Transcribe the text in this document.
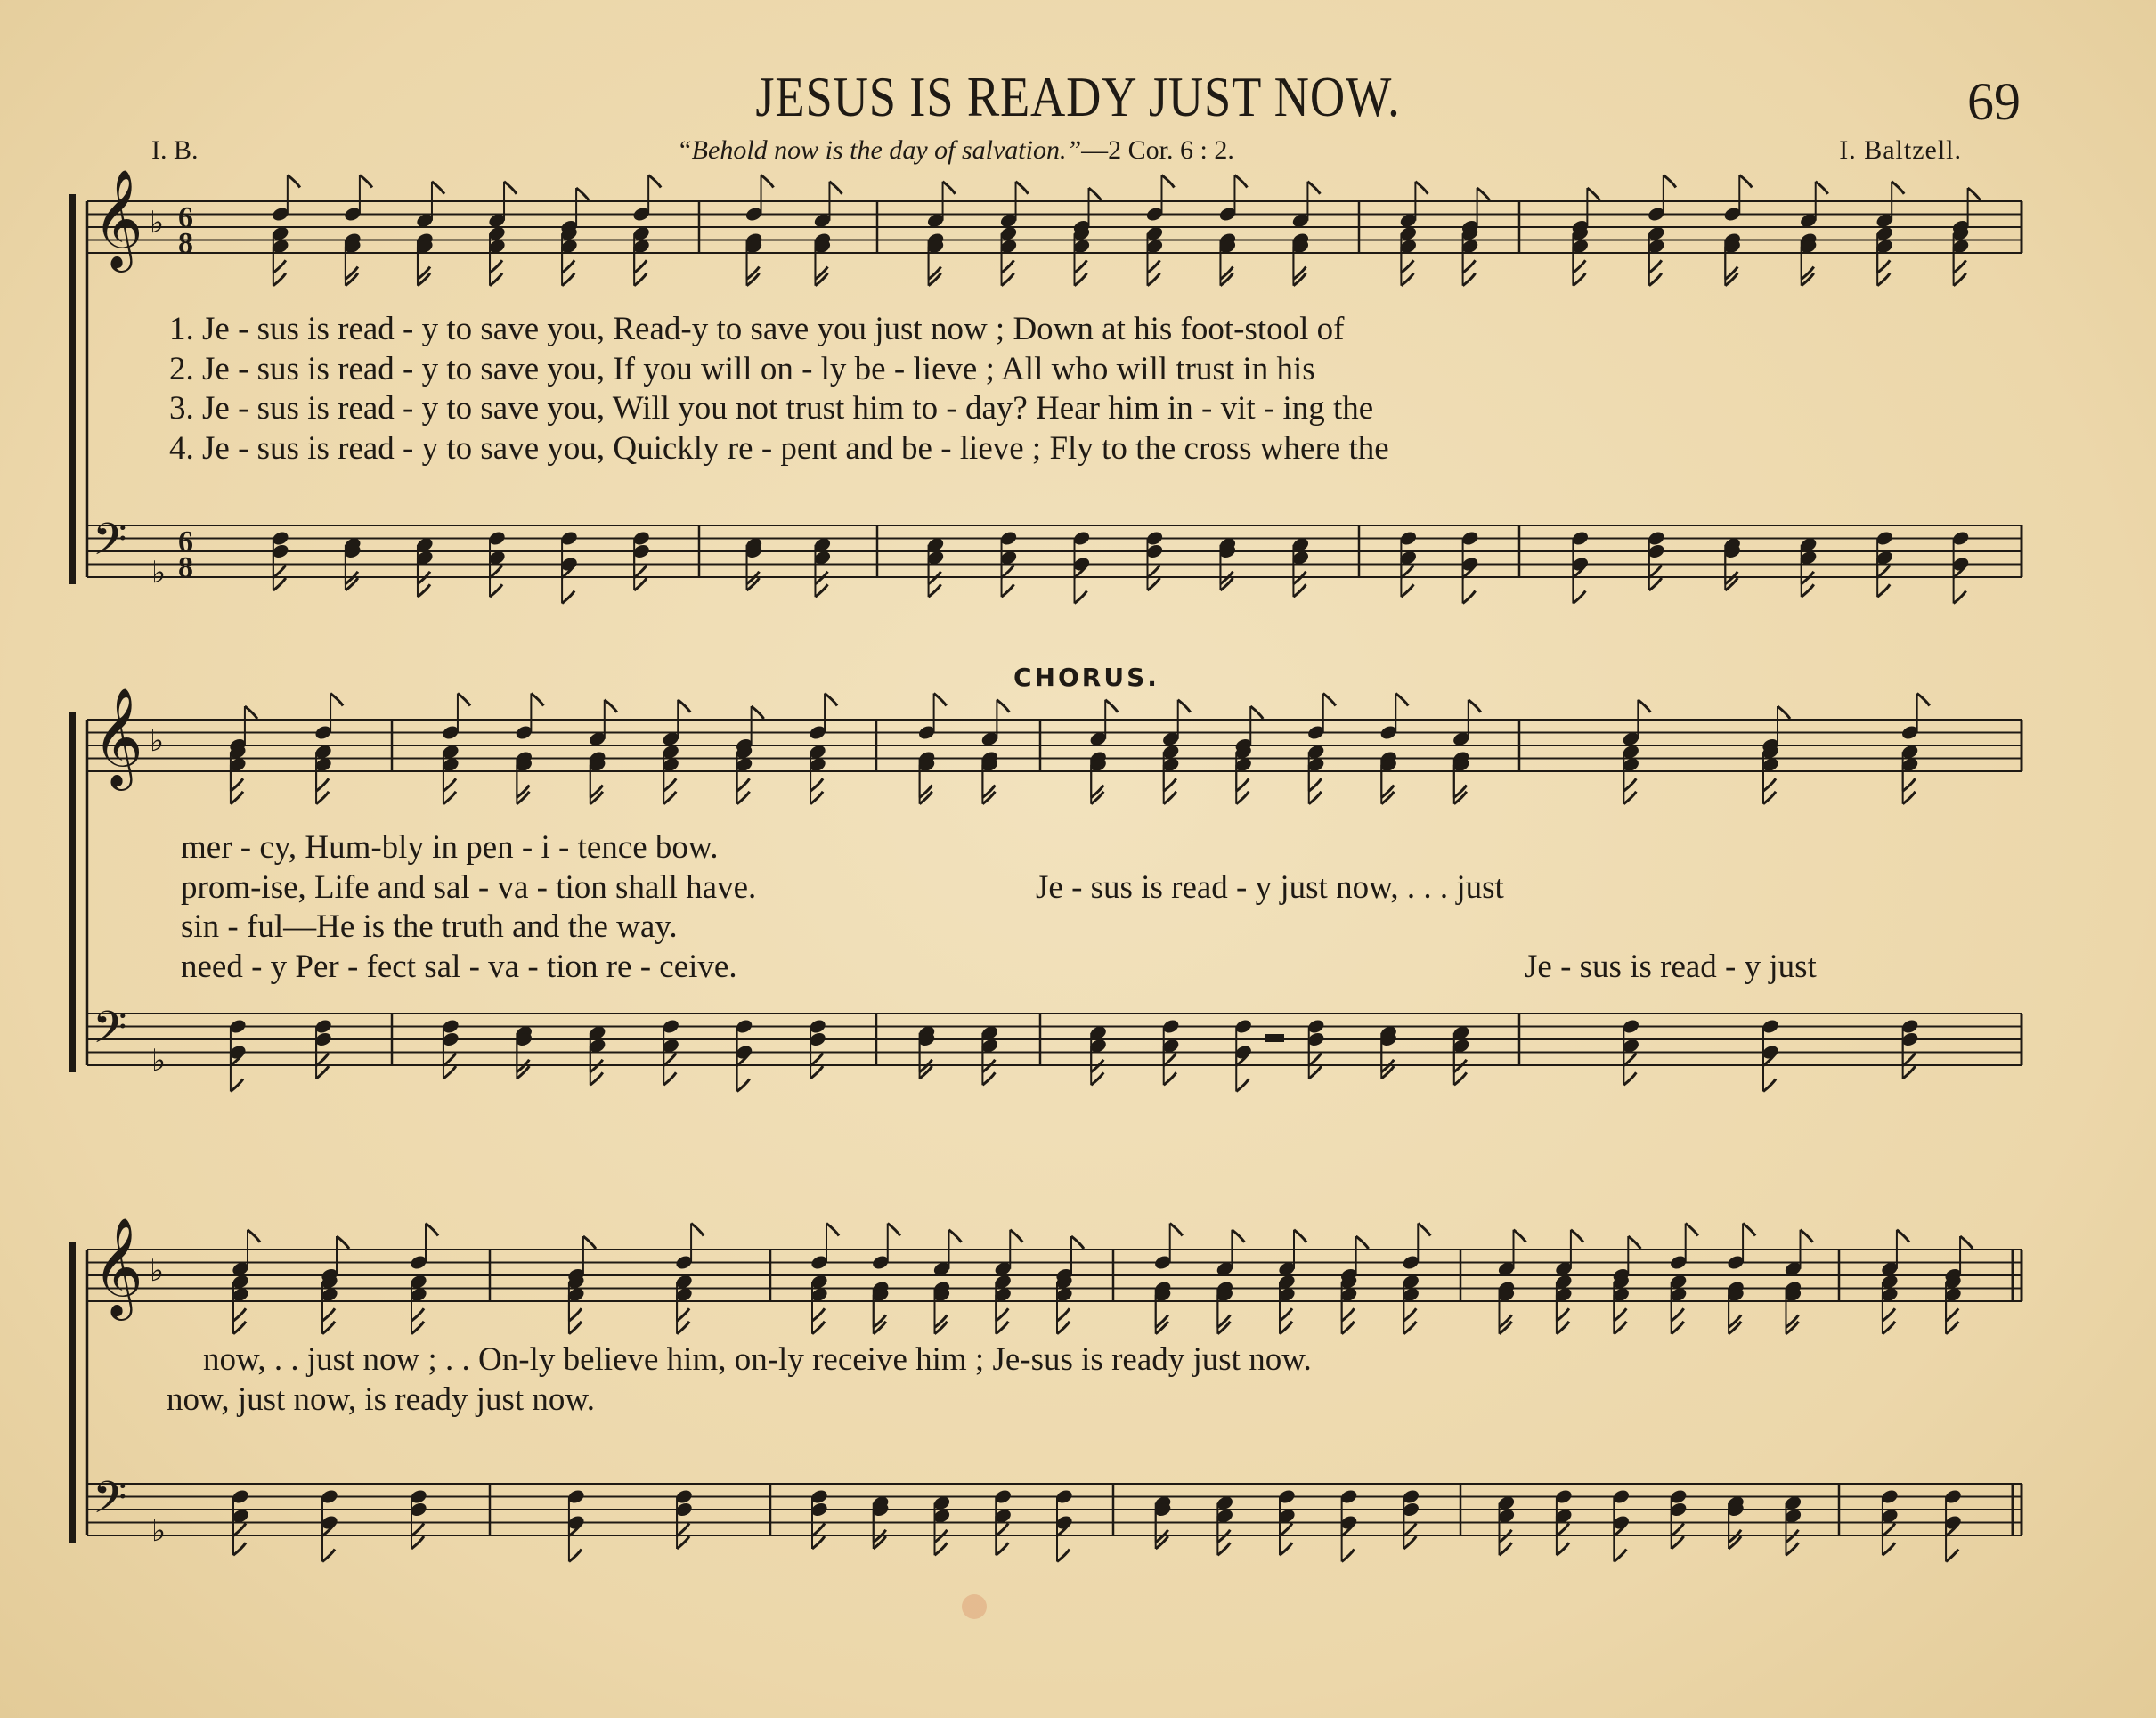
𝄞
𝄢
♭
♭
6
8
6
8
𝄞
𝄢
♭
♭
𝄞
𝄢
♭
♭
JESUS IS READY JUST NOW.	69
I. B.	“Behold now is the day of salvation.”—2 Cor. 6 : 2.	I. Baltzell.
CHORUS.
1. Je - sus is read - y to save you, Read-y to save you just now ; Down at his foot-stool of
2. Je - sus is read - y to save you, If you will on - ly be - lieve ; All who will trust in his
3. Je - sus is read - y to save you, Will you not trust him to - day? Hear him in - vit - ing the
4. Je - sus is read - y to save you, Quickly re - pent and be - lieve ; Fly to the cross where the
mer - cy, Hum-bly in pen - i - tence bow.
prom-ise, Life and sal - va - tion shall have.
sin - ful—He is the truth and the way.
need - y Per - fect sal - va - tion re - ceive.
Je - sus is read - y just now, . . . just
Je - sus is read - y just
now, . . just now ; . . On-ly believe him, on-ly receive him ; Je-sus is ready just now.
now, just now, is ready just now.
